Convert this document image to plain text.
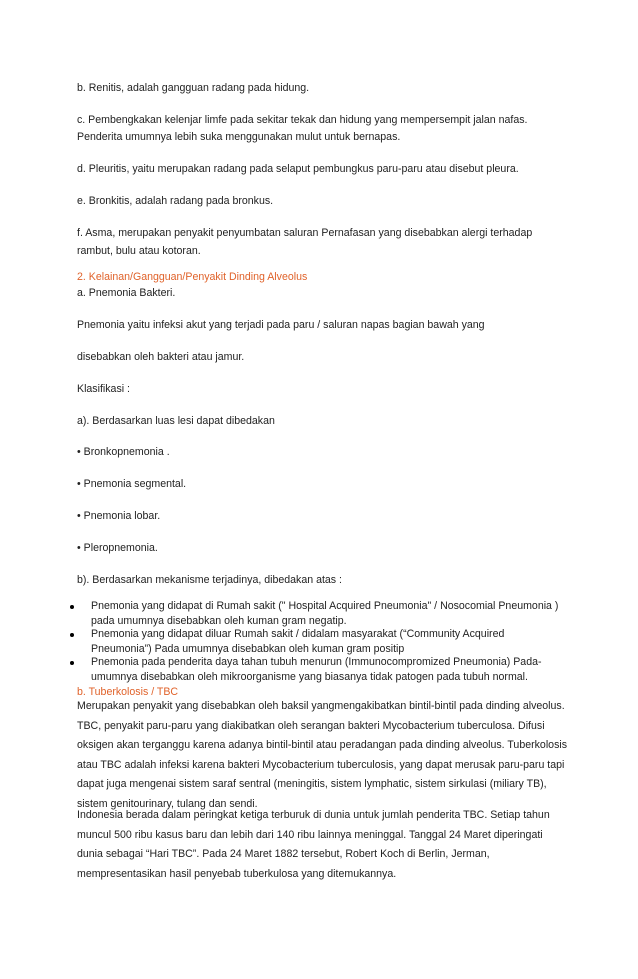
b. Renitis, adalah gangguan radang pada hidung.

c. Pembengkakan kelenjar limfe pada sekitar tekak dan hidung yang mempersempit jalan nafas.

Penderita umumnya lebih suka menggunakan mulut untuk bernapas.

d. Pleuritis, yaitu merupakan radang pada selaput pembungkus paru-paru atau disebut pleura.

e. Bronkitis, adalah radang pada bronkus.

f. Asma, merupakan penyakit penyumbatan saluran Pernafasan yang disebabkan alergi terhadap

rambut, bulu atau kotoran.

2. Kelainan/Gangguan/Penyakit Dinding Alveolus

a. Pnemonia Bakteri.

Pnemonia yaitu infeksi akut yang terjadi pada paru / saluran napas bagian bawah yang

disebabkan oleh bakteri atau jamur.

Klasifikasi :

a). Berdasarkan luas lesi dapat dibedakan

• Bronkopnemonia .

• Pnemonia segmental.

• Pnemonia lobar.

• Pleropnemonia.

b). Berdasarkan mekanisme terjadinya, dibedakan atas :

Pnemonia yang didapat di Rumah sakit (" Hospital Acquired Pneumonia" / Nosocomial Pneumonia )
pada umumnya disebabkan oleh kuman gram negatip.
Pnemonia yang didapat diluar Rumah sakit / didalam masyarakat (“Community Acquired
Pneumonia”) Pada umumnya disebabkan oleh kuman gram positip
Pnemonia pada penderita daya tahan tubuh menurun (Immunocompromized Pneumonia) Pada-
umumnya disebabkan oleh mikroorganisme yang biasanya tidak patogen pada tubuh normal.

b. Tuberkolosis / TBC

Merupakan penyakit yang disebabkan oleh baksil yangmengakibatkan bintil-bintil pada dinding alveolus.
TBC, penyakit paru-paru yang diakibatkan oleh serangan bakteri Mycobacterium tuberculosa. Difusi
oksigen akan terganggu karena adanya bintil-bintil atau peradangan pada dinding alveolus. Tuberkolosis
atau TBC adalah infeksi karena bakteri Mycobacterium tuberculosis, yang dapat merusak paru-paru tapi
dapat juga mengenai sistem saraf sentral (meningitis, sistem lymphatic, sistem sirkulasi (miliary TB),
sistem genitourinary, tulang dan sendi.
Indonesia berada dalam peringkat ketiga terburuk di dunia untuk jumlah penderita TBC. Setiap tahun
muncul 500 ribu kasus baru dan lebih dari 140 ribu lainnya meninggal. Tanggal 24 Maret diperingati
dunia sebagai “Hari TBC”. Pada 24 Maret 1882 tersebut, Robert Koch di Berlin, Jerman,
mempresentasikan hasil penyebab tuberkulosa yang ditemukannya.
